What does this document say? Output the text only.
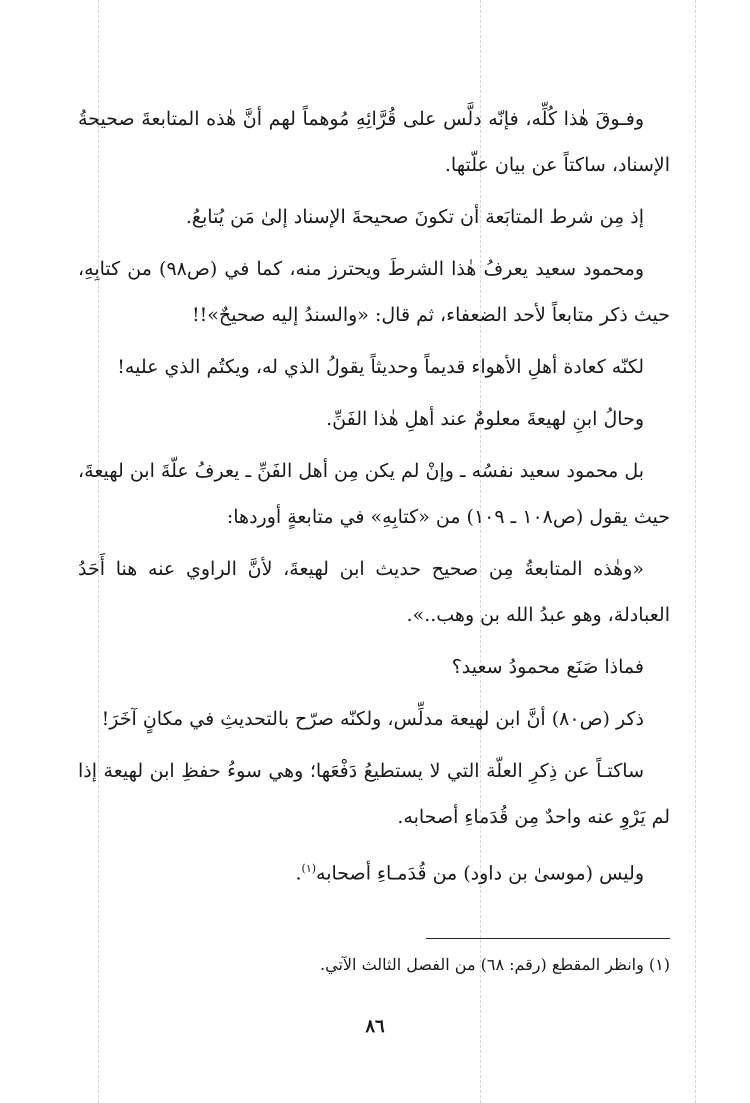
وفـوقَ هٰذا كُلِّه، فإنّه دلَّس على قُرَّائِهِ مُوهماً لهم أنَّ هٰذه المتابعةَ صحيحةُ الإسناد، ساكتاً عن بيان علّتها.

إذ مِن شرط المتابَعة أن تكونَ صحيحةَ الإسناد إلىٰ مَن يُتابعُ.

ومحمود سعيد يعرفُ هٰذا الشرطَ ويحترز منه، كما في (ص٩٨) من كتابِهِ، حيث ذكر متابعاً لأحد الضعفاء، ثم قال: «والسندُ إليه صحيحٌ»!!

لكنّه كعادة أهلِ الأهواء قديماً وحديثاً يقولُ الذي له، ويكتُم الذي عليه!

وحالُ ابنِ لهيعةَ معلومٌ عند أهلِ هٰذا الفَنِّ.

بل محمود سعيد نفسُه ـ وإنْ لم يكن مِن أهل الفَنِّ ـ يعرفُ علّةَ ابن لهيعةَ، حيث يقول (ص١٠٨ ـ ١٠٩) من «كتابِهِ» في متابعةٍ أوردها:

«وهٰذه المتابعةُ مِن صحيح حديث ابن لهيعةَ، لأنَّ الراوي عنه هنا أَحَدُ العبادلة، وهو عبدُ الله بن وهب..».

فماذا صَنَع محمودُ سعيد؟

ذكر (ص٨٠) أنَّ ابن لهيعة مدلِّس، ولكنّه صرّح بالتحديثِ في مكانٍ آخَرَ!

ساكتـاً عن ذِكرِ العلّة التي لا يستطيعُ دَفْعَها؛ وهي سوءُ حفظِ ابن لهيعة إذا لم يَرْوِ عنه واحدٌ مِن قُدَماءِ أصحابه.

وليس (موسىٰ بن داود) من قُدَمـاءِ أصحابه$^{(١)}$.

(١) وانظر المقطع (رقم: ٦٨) من الفصل الثالث الآتي.
٨٦
